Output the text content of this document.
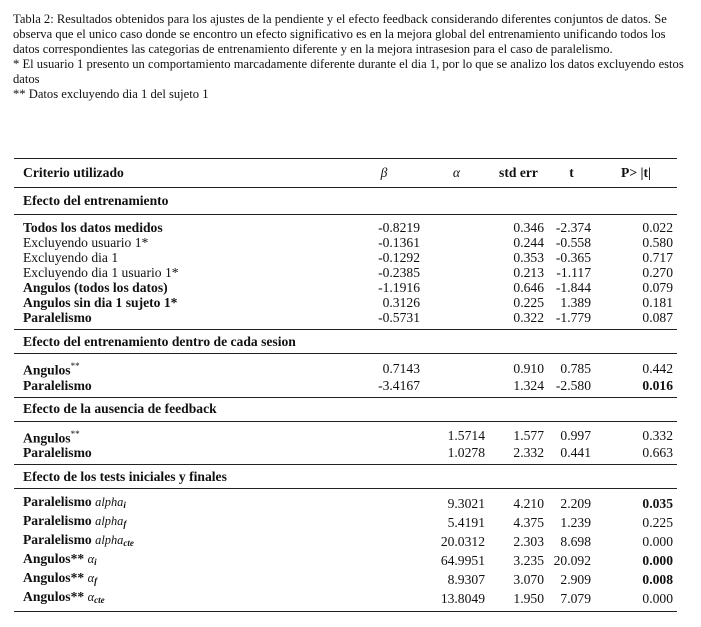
Tabla 2: Resultados obtenidos para los ajustes de la pendiente y el efecto feedback considerando diferentes conjuntos de datos. Se observa que el unico caso donde se encontro un efecto significativo es en la mejora global del entrenamiento unificando todos los datos correspondientes las categorias de entrenamiento diferente y en la mejora intrasesion para el caso de paralelismo.

* El usuario 1 presento un comportamiento marcadamente diferente durante el dia 1, por lo que se analizo los datos excluyendo estos datos

** Datos excluyendo dia 1 del sujeto 1

Criterio utilizado	β	α	std err	t	P> |t|
Efecto del entrenamiento					
Todos los datos medidos	-0.8219		0.346	-2.374	0.022
Excluyendo usuario 1*	-0.1361		0.244	-0.558	0.580
Excluyendo dia 1	-0.1292		0.353	-0.365	0.717
Excluyendo dia 1 usuario 1*	-0.2385		0.213	-1.117	0.270
Angulos (todos los datos)	-1.1916		0.646	-1.844	0.079
Angulos sin dia 1 sujeto 1*	0.3126		0.225	1.389	0.181
Paralelismo	-0.5731		0.322	-1.779	0.087
Efecto del entrenamiento dentro de cada sesion					
Angulos**	0.7143		0.910	0.785	0.442
Paralelismo	-3.4167		1.324	-2.580	0.016
Efecto de la ausencia de feedback					
Angulos**		1.5714	1.577	0.997	0.332
Paralelismo		1.0278	2.332	0.441	0.663
Efecto de los tests iniciales y finales					
Paralelismo alpha$_i$		9.3021	4.210	2.209	0.035
Paralelismo alpha$_f$		5.4191	4.375	1.239	0.225
Paralelismo alpha$_{cte}$		20.0312	2.303	8.698	0.000
Angulos** $\alpha_i$		64.9951	3.235	20.092	0.000
Angulos** $\alpha_f$		8.9307	3.070	2.909	0.008
Angulos** $\alpha_{cte}$		13.8049	1.950	7.079	0.000
